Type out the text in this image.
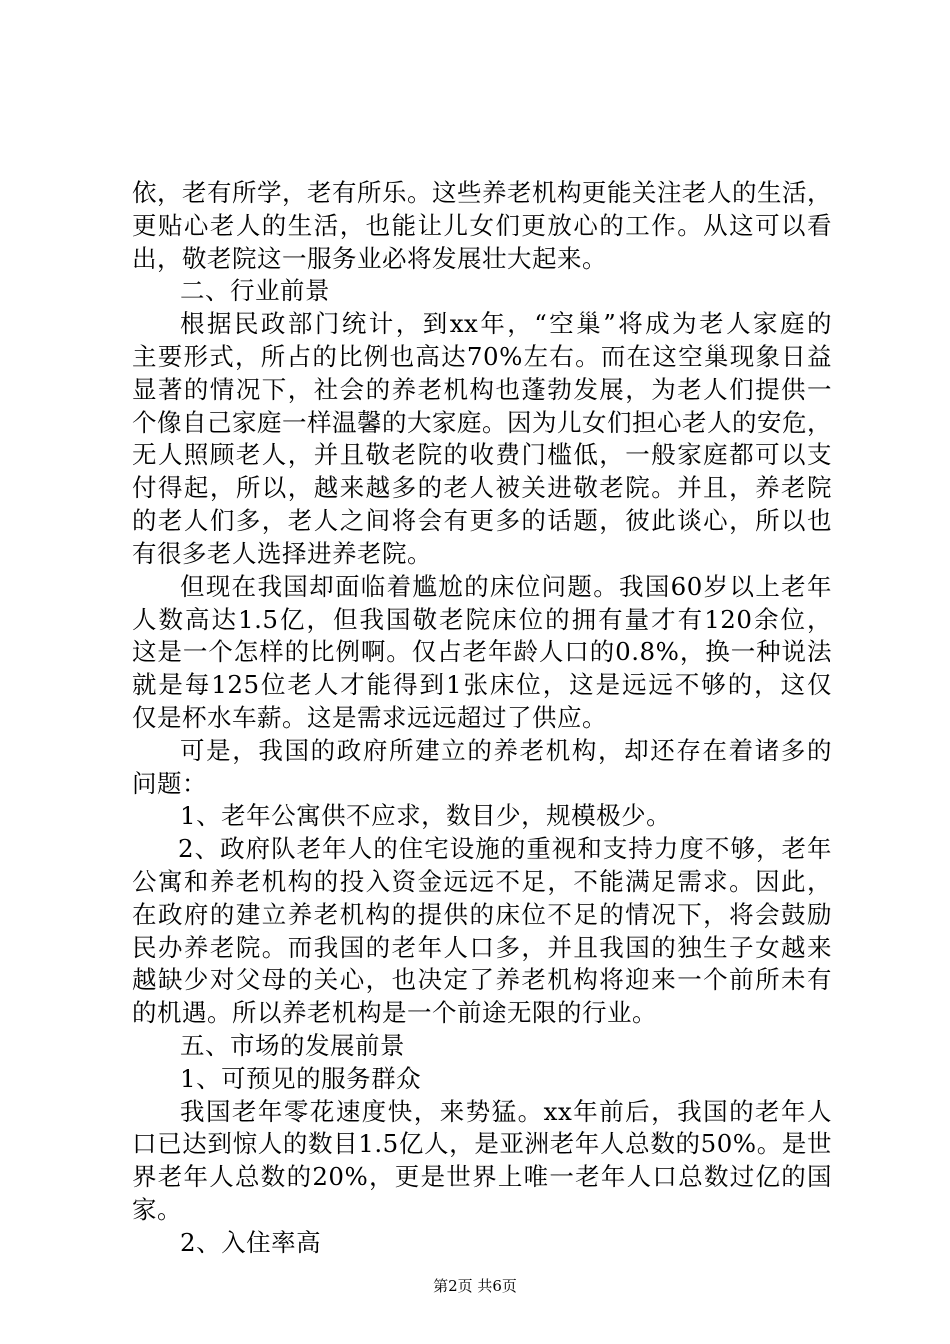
依，老有所学，老有所乐。这些养老机构更能关注老人的生活，
更贴心老人的生活，也能让儿女们更放心的工作。从这可以看
出，敬老院这一服务业必将发展壮大起来。
二、行业前景
根据民政部门统计，到xx年，“空巢”将成为老人家庭的
主要形式，所占的比例也高达70%左右。而在这空巢现象日益
显著的情况下，社会的养老机构也蓬勃发展，为老人们提供一
个像自己家庭一样温馨的大家庭。因为儿女们担心老人的安危，
无人照顾老人，并且敬老院的收费门槛低，一般家庭都可以支
付得起，所以，越来越多的老人被关进敬老院。并且，养老院
的老人们多，老人之间将会有更多的话题，彼此谈心，所以也
有很多老人选择进养老院。
但现在我国却面临着尴尬的床位问题。我国60岁以上老年
人数高达1.5亿，但我国敬老院床位的拥有量才有120余位，
这是一个怎样的比例啊。仅占老年龄人口的0.8%，换一种说法
就是每125位老人才能得到1张床位，这是远远不够的，这仅
仅是杯水车薪。这是需求远远超过了供应。
可是，我国的政府所建立的养老机构，却还存在着诸多的
问题：
1、老年公寓供不应求，数目少，规模极少。
2、政府队老年人的住宅设施的重视和支持力度不够，老年
公寓和养老机构的投入资金远远不足，不能满足需求。因此，
在政府的建立养老机构的提供的床位不足的情况下，将会鼓励
民办养老院。而我国的老年人口多，并且我国的独生子女越来
越缺少对父母的关心，也决定了养老机构将迎来一个前所未有
的机遇。所以养老机构是一个前途无限的行业。
五、市场的发展前景
1、可预见的服务群众
我国老年零花速度快，来势猛。xx年前后，我国的老年人
口已达到惊人的数目1.5亿人，是亚洲老年人总数的50%。是世
界老年人总数的20%，更是世界上唯一老年人口总数过亿的国
家。
2、入住率高
第2页 共6页
